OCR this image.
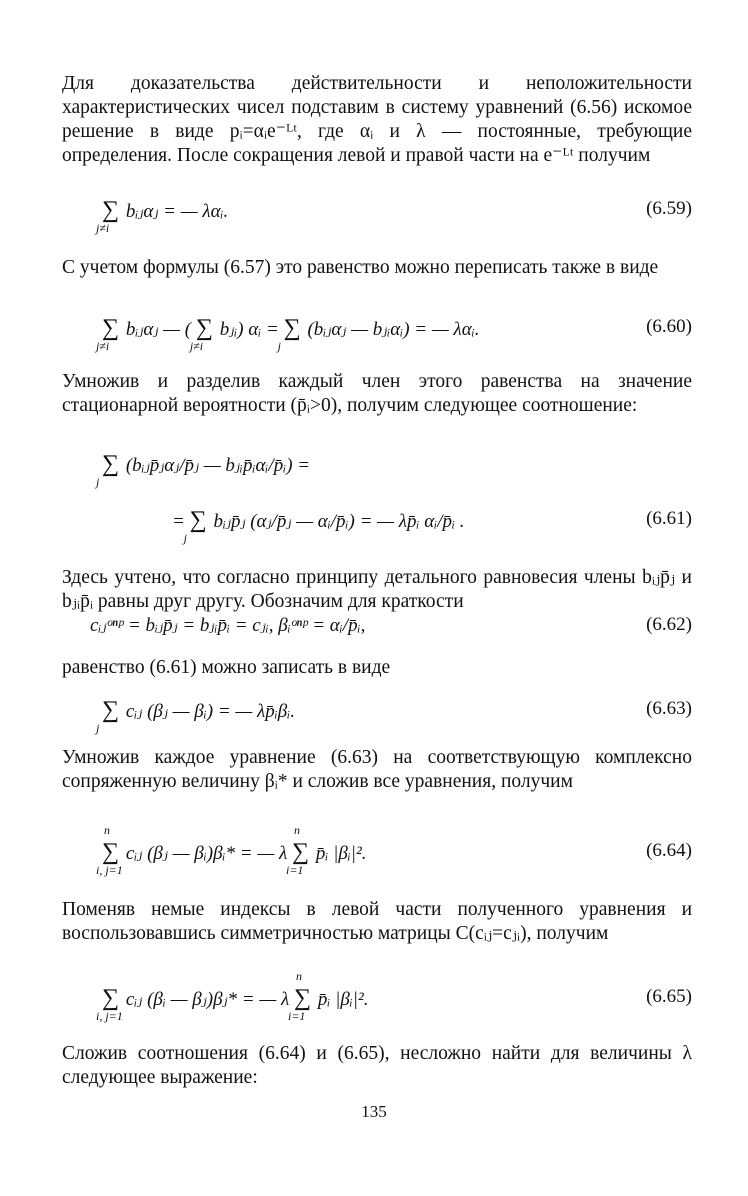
Для доказательства действительности и неположительности характеристических чисел подставим в систему уравнений (6.56) искомое решение в виде pᵢ=αᵢe⁻ᴸᵗ, где αᵢ и λ — постоянные, требующие определения. После сокращения левой и правой части на e⁻ᴸᵗ получим

∑
j≠i
bᵢⱼαⱼ = — λαᵢ.	(6.59)

С учетом формулы (6.57) это равенство можно переписать также в виде

∑
j≠i
bᵢⱼαⱼ — ( ∑
j≠i
bⱼᵢ) αᵢ = ∑
j
(bᵢⱼαⱼ — bⱼᵢαᵢ) = — λαᵢ.	(6.60)

Умножив и разделив каждый член этого равенства на значение стационарной вероятности (p̄ᵢ>0), получим следующее соотношение:

∑
j
(bᵢⱼp̄ⱼαⱼ/p̄ⱼ — bⱼᵢp̄ᵢαᵢ/p̄ᵢ) =
= ∑
j
bᵢⱼp̄ⱼ (αⱼ/p̄ⱼ — αᵢ/p̄ᵢ) = — λp̄ᵢ αᵢ/p̄ᵢ .	(6.61)

Здесь учтено, что согласно принципу детального равновесия члены bᵢⱼp̄ⱼ и bⱼᵢp̄ᵢ равны друг другу. Обозначим для краткости

cᵢⱼᵒⁿᵖ = bᵢⱼp̄ⱼ = bⱼᵢp̄ᵢ = cⱼᵢ, βᵢᵒⁿᵖ = αᵢ/p̄ᵢ,	(6.62)

равенство (6.61) можно записать в виде

∑
j
cᵢⱼ (βⱼ — βᵢ) = — λp̄ᵢβᵢ.	(6.63)

Умножив каждое уравнение (6.63) на соответствующую комплексно сопряженную величину βᵢ* и сложив все уравнения, получим

n
∑
i, j=1
cᵢⱼ (βⱼ — βᵢ)βᵢ* = — λ
n
∑
i=1
p̄ᵢ |βᵢ|².	(6.64)

Поменяв немые индексы в левой части полученного уравнения и воспользовавшись симметричностью матрицы C(cᵢⱼ=cⱼᵢ), получим

∑
i, j=1
cᵢⱼ (βᵢ — βⱼ)βⱼ* = — λ
n
∑
i=1
p̄ᵢ |βᵢ|².	(6.65)

Сложив соотношения (6.64) и (6.65), несложно найти для величины λ следующее выражение:

135
